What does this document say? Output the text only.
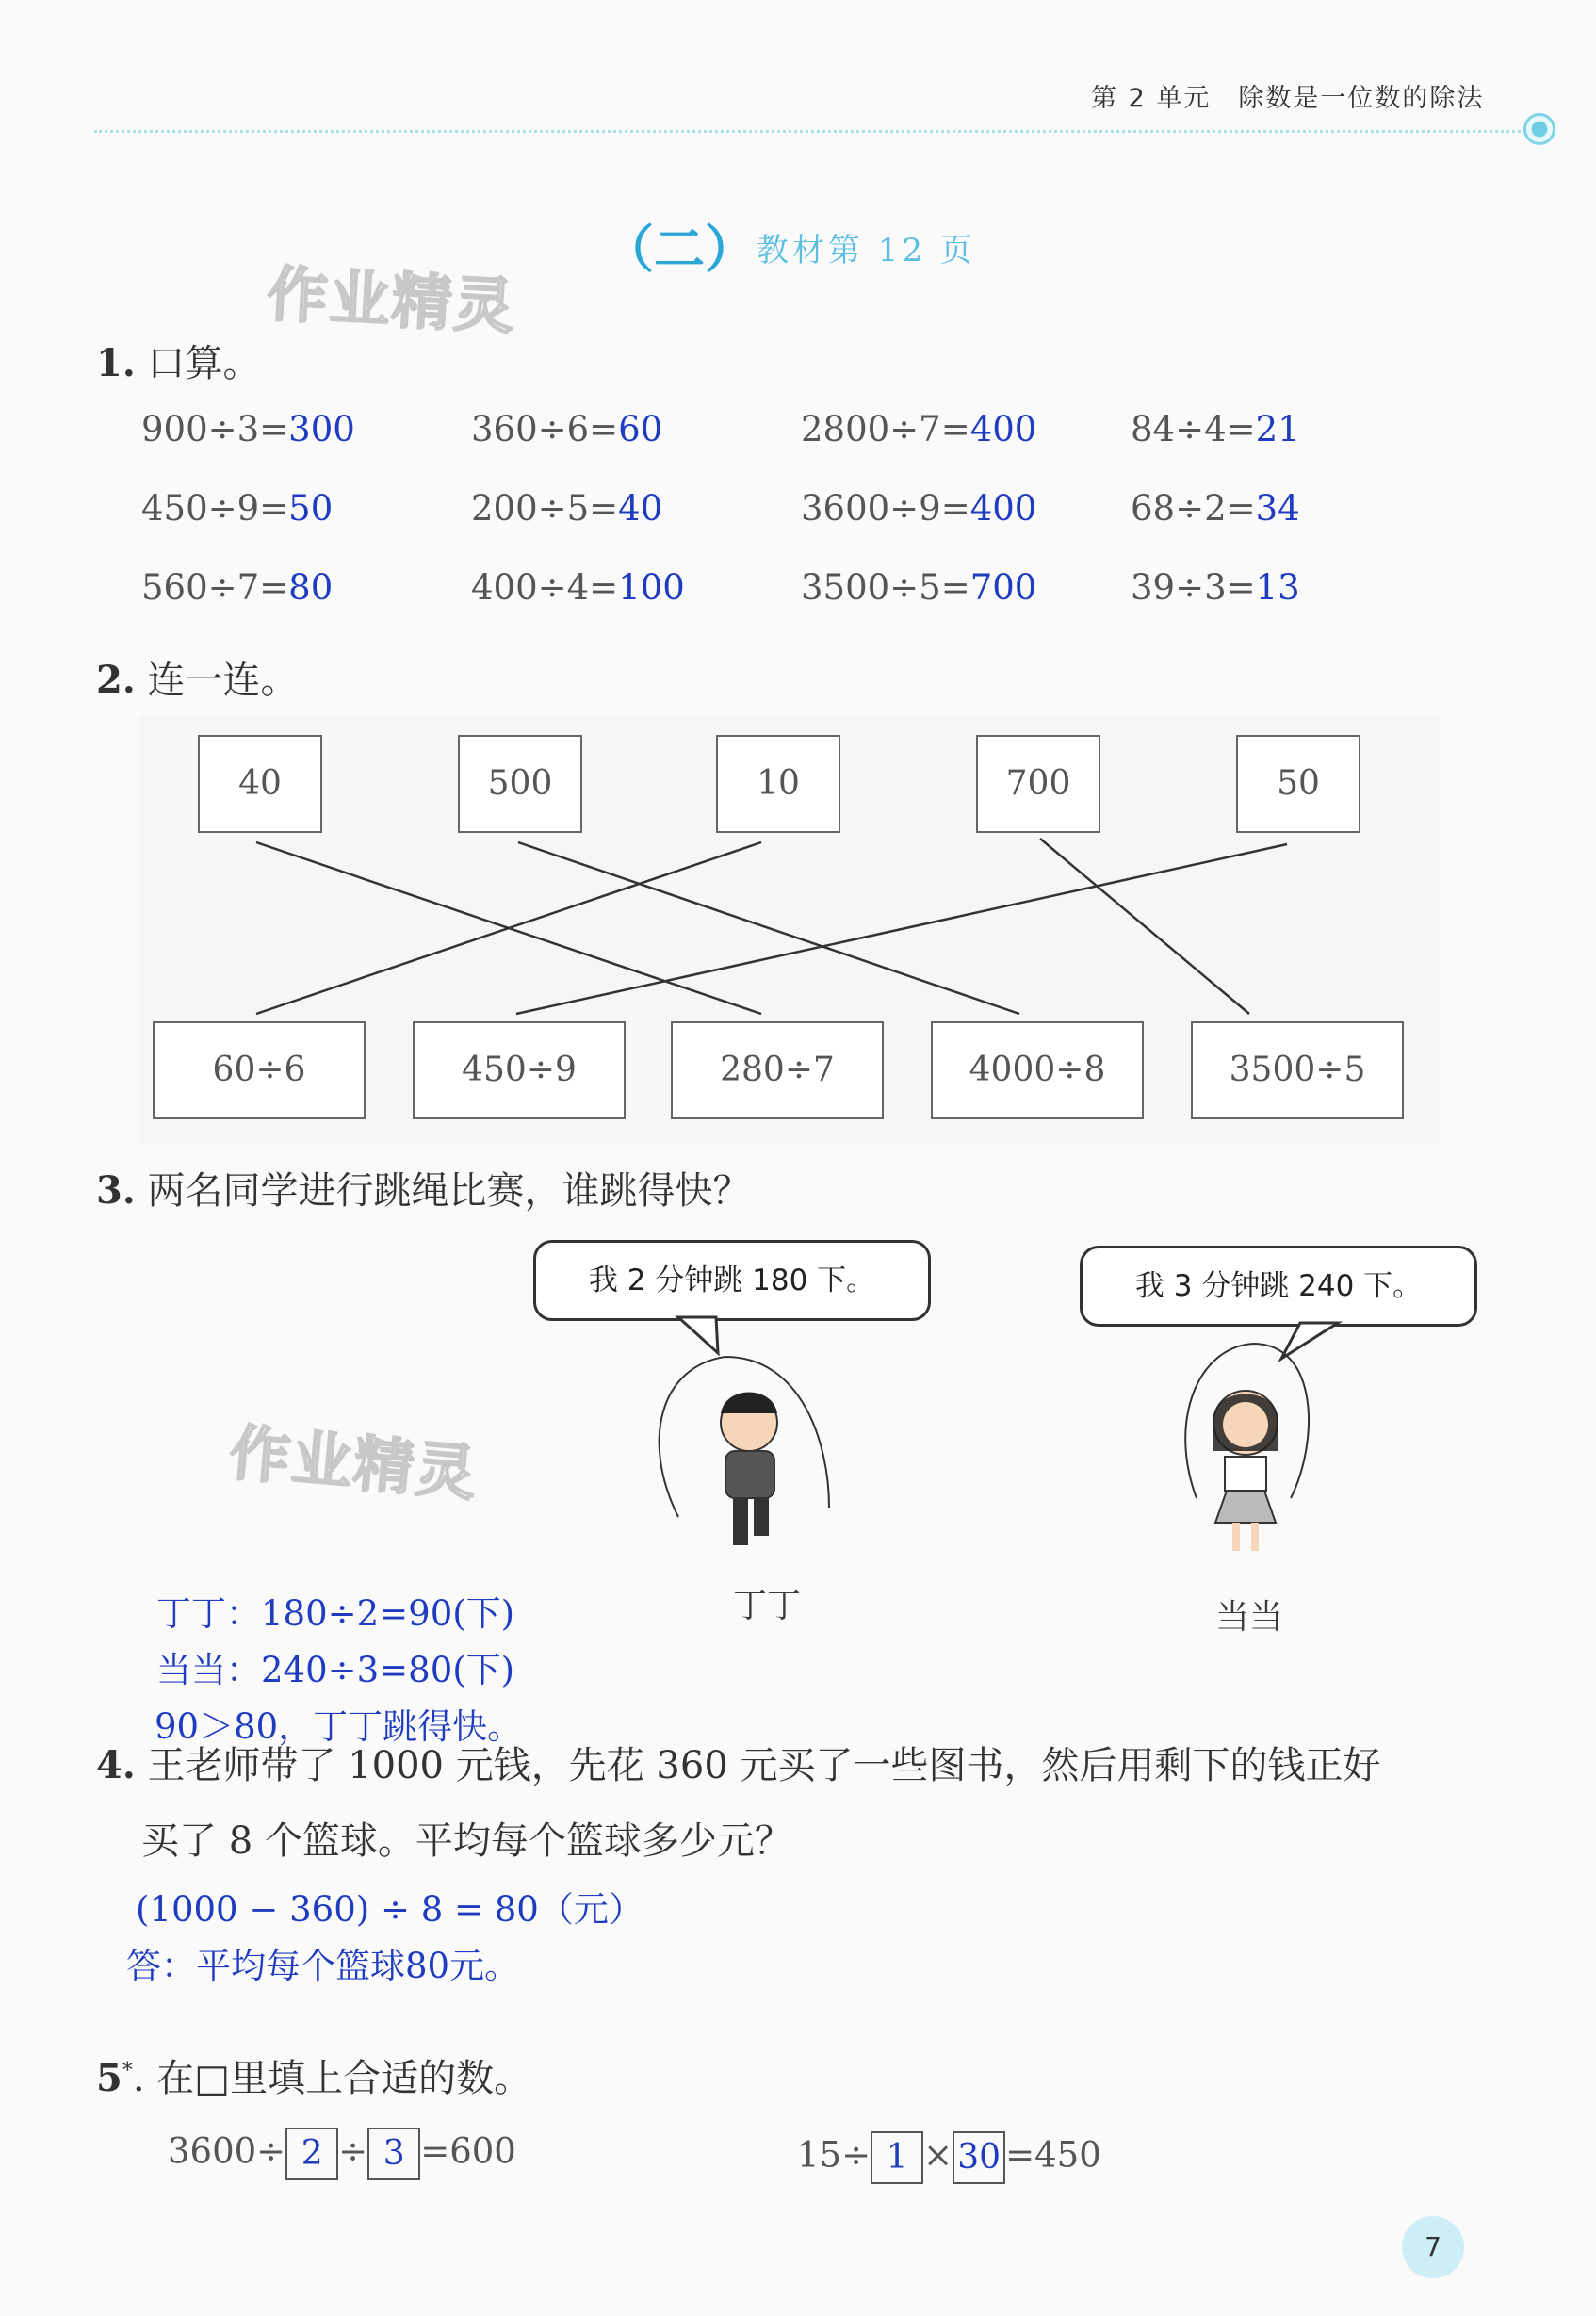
第 2 单元　除数是一位数的除法
（二） 教材第 12 页
作业精灵
1. 口算。
900÷3=300	360÷6=60	2800÷7=400	84÷4=21
450÷9=50	200÷5=40	3600÷9=400	68÷2=34
560÷7=80	400÷4=100	3500÷5=700	39÷3=13
2. 连一连。
40	500	10	700	50
60÷6	450÷9	280÷7	4000÷8	3500÷5
3. 两名同学进行跳绳比赛，谁跳得快？
我 2 分钟跳 180 下。	我 3 分钟跳 240 下。
作业精灵
丁丁	当当
丁丁：180÷2=90(下)
当当：240÷3=80(下)
90＞80，丁丁跳得快。
4. 王老师带了 1000 元钱，先花 360 元买了一些图书，然后用剩下的钱正好
买了 8 个篮球。平均每个篮球多少元？
(1000 − 360) ÷ 8 = 80（元）
答：平均每个篮球80元。
5*. 在□里填上合适的数。
3600÷ 2 ÷ 3 =600	15÷ 1 × 30 =450
7
